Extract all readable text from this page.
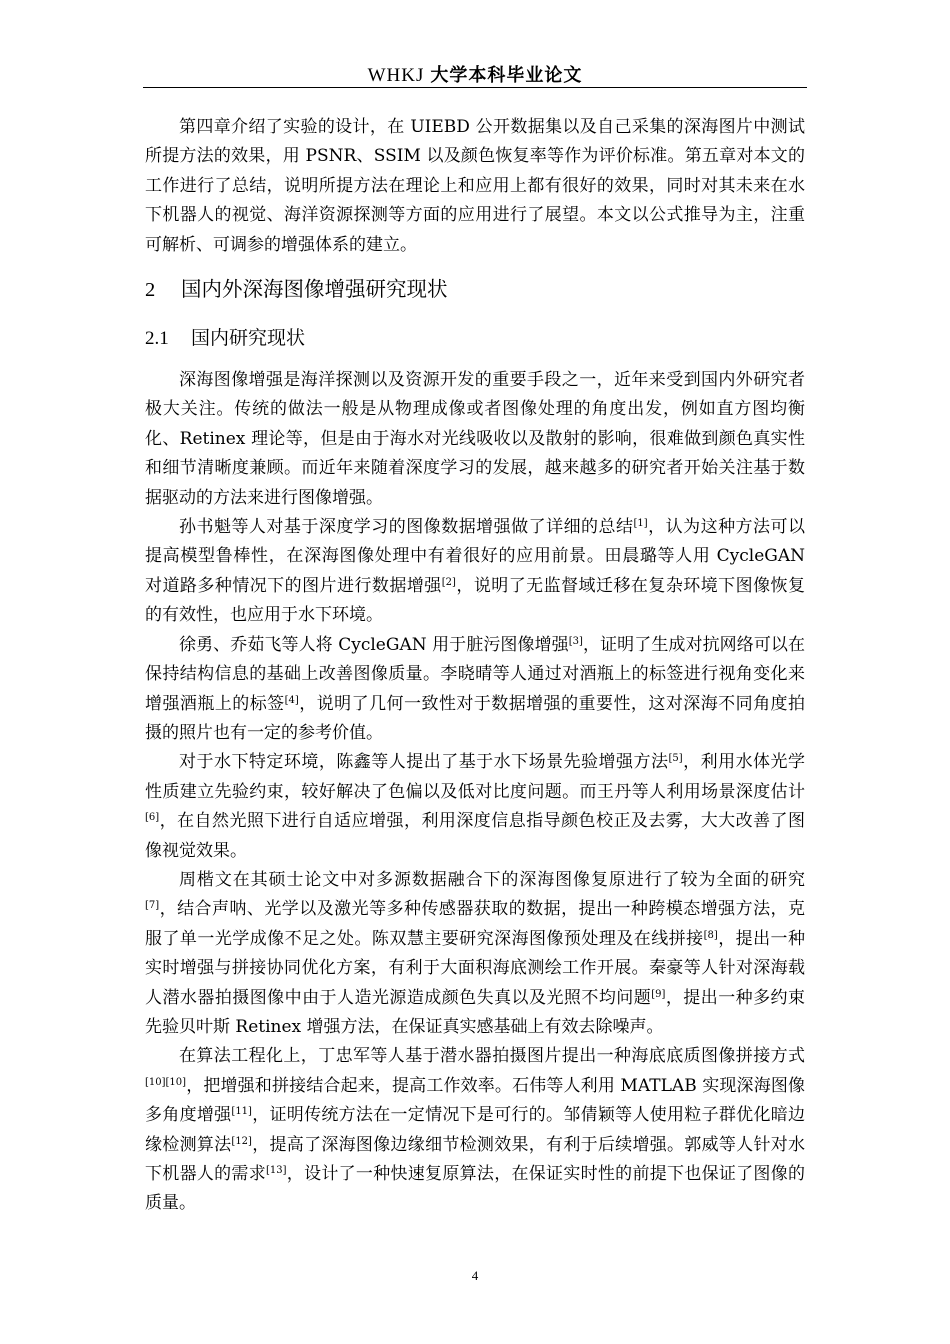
WHKJ 大学本科毕业论文

第四章介绍了实验的设计，在 UIEBD 公开数据集以及自己采集的深海图片中测试所提方法的效果，用 PSNR、SSIM 以及颜色恢复率等作为评价标准。第五章对本文的工作进行了总结，说明所提方法在理论上和应用上都有很好的效果，同时对其未来在水下机器人的视觉、海洋资源探测等方面的应用进行了展望。本文以公式推导为主，注重可解析、可调参的增强体系的建立。

2 国内外深海图像增强研究现状
2.1 国内研究现状

深海图像增强是海洋探测以及资源开发的重要手段之一，近年来受到国内外研究者极大关注。传统的做法一般是从物理成像或者图像处理的角度出发，例如直方图均衡化、Retinex 理论等，但是由于海水对光线吸收以及散射的影响，很难做到颜色真实性和细节清晰度兼顾。而近年来随着深度学习的发展，越来越多的研究者开始关注基于数据驱动的方法来进行图像增强。

孙书魁等人对基于深度学习的图像数据增强做了详细的总结[1]，认为这种方法可以提高模型鲁棒性，在深海图像处理中有着很好的应用前景。田晨璐等人用 CycleGAN 对道路多种情况下的图片进行数据增强[2]，说明了无监督域迁移在复杂环境下图像恢复的有效性，也应用于水下环境。

徐勇、乔茹飞等人将 CycleGAN 用于脏污图像增强[3]，证明了生成对抗网络可以在保持结构信息的基础上改善图像质量。李晓晴等人通过对酒瓶上的标签进行视角变化来增强酒瓶上的标签[4]，说明了几何一致性对于数据增强的重要性，这对深海不同角度拍摄的照片也有一定的参考价值。

对于水下特定环境，陈鑫等人提出了基于水下场景先验增强方法[5]，利用水体光学性质建立先验约束，较好解决了色偏以及低对比度问题。而王丹等人利用场景深度估计[6]，在自然光照下进行自适应增强，利用深度信息指导颜色校正及去雾，大大改善了图像视觉效果。

周楷文在其硕士论文中对多源数据融合下的深海图像复原进行了较为全面的研究[7]，结合声呐、光学以及激光等多种传感器获取的数据，提出一种跨模态增强方法，克服了单一光学成像不足之处。陈双慧主要研究深海图像预处理及在线拼接[8]，提出一种实时增强与拼接协同优化方案，有利于大面积海底测绘工作开展。秦豪等人针对深海载人潜水器拍摄图像中由于人造光源造成颜色失真以及光照不均问题[9]，提出一种多约束先验贝叶斯 Retinex 增强方法，在保证真实感基础上有效去除噪声。

在算法工程化上，丁忠军等人基于潜水器拍摄图片提出一种海底底质图像拼接方式[10][10]，把增强和拼接结合起来，提高工作效率。石伟等人利用 MATLAB 实现深海图像多角度增强[11]，证明传统方法在一定情况下是可行的。邹倩颖等人使用粒子群优化暗边缘检测算法[12]，提高了深海图像边缘细节检测效果，有利于后续增强。郭威等人针对水下机器人的需求[13]，设计了一种快速复原算法，在保证实时性的前提下也保证了图像的质量。

4
